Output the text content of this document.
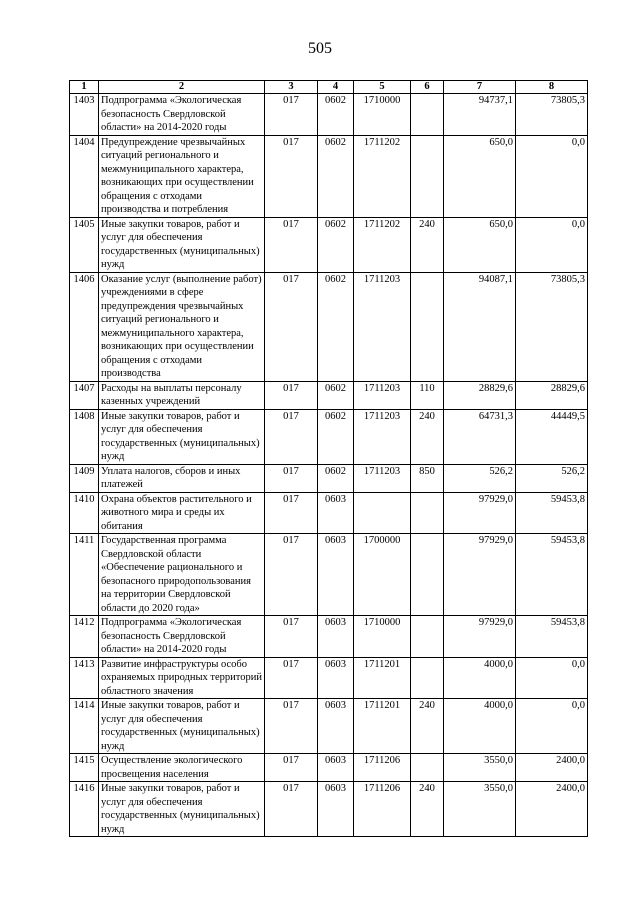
505
1	2	3	4	5	6	7	8
1403	Подпрограмма «Экологическая безопасность Свердловской области» на 2014-2020 годы	017	0602	1710000		94737,1	73805,3
1404	Предупреждение чрезвычайных ситуаций регионального и межмуниципального характера, возникающих при осуществлении обращения с отходами производства и потребления	017	0602	1711202		650,0	0,0
1405	Иные закупки товаров, работ и услуг для обеспечения государственных (муниципальных) нужд	017	0602	1711202	240	650,0	0,0
1406	Оказание услуг (выполнение работ) учреждениями в сфере предупреждения чрезвычайных ситуаций регионального и межмуниципального характера, возникающих при осуществлении обращения с отходами производства	017	0602	1711203		94087,1	73805,3
1407	Расходы на выплаты персоналу казенных учреждений	017	0602	1711203	110	28829,6	28829,6
1408	Иные закупки товаров, работ и услуг для обеспечения государственных (муниципальных) нужд	017	0602	1711203	240	64731,3	44449,5
1409	Уплата налогов, сборов и иных платежей	017	0602	1711203	850	526,2	526,2
1410	Охрана объектов растительного и животного мира и среды их обитания	017	0603			97929,0	59453,8
1411	Государственная программа Свердловской области «Обеспечение рационального и безопасного природопользования на территории Свердловской области до 2020 года»	017	0603	1700000		97929,0	59453,8
1412	Подпрограмма «Экологическая безопасность Свердловской области» на 2014-2020 годы	017	0603	1710000		97929,0	59453,8
1413	Развитие инфраструктуры особо охраняемых природных территорий областного значения	017	0603	1711201		4000,0	0,0
1414	Иные закупки товаров, работ и услуг для обеспечения государственных (муниципальных) нужд	017	0603	1711201	240	4000,0	0,0
1415	Осуществление экологического просвещения населения	017	0603	1711206		3550,0	2400,0
1416	Иные закупки товаров, работ и услуг для обеспечения государственных (муниципальных) нужд	017	0603	1711206	240	3550,0	2400,0
